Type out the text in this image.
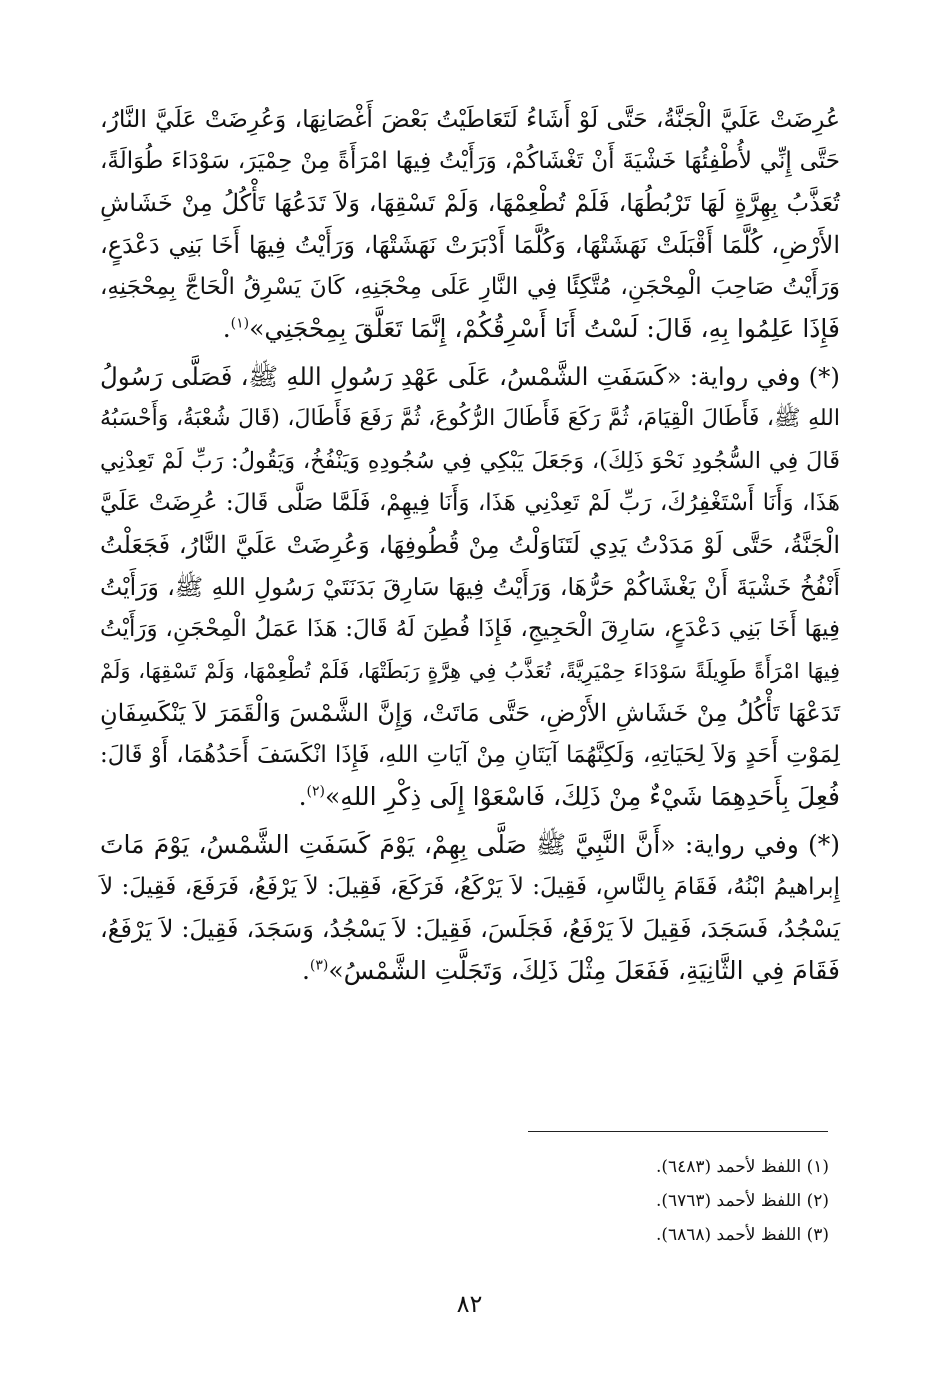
عُرِضَتْ عَلَيَّ الْجَنَّةُ، حَتَّى لَوْ أَشَاءُ لَتَعَاطَيْتُ بَعْضَ أَغْصَانِهَا، وَعُرِضَتْ عَلَيَّ النَّارُ،
حَتَّى إِنِّي لأُطْفِئُهَا خَشْيَةَ أَنْ تَغْشَاكُمْ، وَرَأَيْتُ فِيهَا امْرَأَةً مِنْ حِمْيَرَ، سَوْدَاءَ طُوَالَةً،
تُعَذَّبُ بِهِرَّةٍ لَهَا تَرْبُطُهَا، فَلَمْ تُطْعِمْهَا، وَلَمْ تَسْقِهَا، وَلاَ تَدَعُهَا تَأْكُلُ مِنْ خَشَاشِ
الأَرْضِ، كُلَّمَا أَقْبَلَتْ نَهَشَتْهَا، وَكُلَّمَا أَدْبَرَتْ نَهَشَتْهَا، وَرَأَيْتُ فِيهَا أَخَا بَنِي دَعْدَعٍ،
وَرَأَيْتُ صَاحِبَ الْمِحْجَنِ، مُتَّكِئًا فِي النَّارِ عَلَى مِحْجَنِهِ، كَانَ يَسْرِقُ الْحَاجَّ بِمِحْجَنِهِ،
فَإِذَا عَلِمُوا بِهِ، قَالَ: لَسْتُ أَنَا أَسْرِقُكُمْ، إِنَّمَا تَعَلَّقَ بِمِحْجَنِي»$^{(١)}$.
(*) وفي رواية: «كَسَفَتِ الشَّمْسُ، عَلَى عَهْدِ رَسُولِ اللهِ ﷺ، فَصَلَّى رَسُولُ
اللهِ ﷺ، فَأَطَالَ الْقِيَامَ، ثُمَّ رَكَعَ فَأَطَالَ الرُّكُوعَ، ثُمَّ رَفَعَ فَأَطَالَ، (قَالَ شُعْبَةُ، وَأَحْسَبُهُ
قَالَ فِي السُّجُودِ نَحْوَ ذَلِكَ)، وَجَعَلَ يَبْكِي فِي سُجُودِهِ وَيَنْفُخُ، وَيَقُولُ: رَبِّ لَمْ تَعِدْنِي
هَذَا، وَأَنَا أَسْتَغْفِرُكَ، رَبِّ لَمْ تَعِدْنِي هَذَا، وَأَنَا فِيهِمْ، فَلَمَّا صَلَّى قَالَ: عُرِضَتْ عَلَيَّ
الْجَنَّةُ، حَتَّى لَوْ مَدَدْتُ يَدِي لَتَنَاوَلْتُ مِنْ قُطُوفِهَا، وَعُرِضَتْ عَلَيَّ النَّارُ، فَجَعَلْتُ
أَنْفُخُ خَشْيَةَ أَنْ يَغْشَاكُمْ حَرُّهَا، وَرَأَيْتُ فِيهَا سَارِقَ بَدَنَتَيْ رَسُولِ اللهِ ﷺ، وَرَأَيْتُ
فِيهَا أَخَا بَنِي دَعْدَعٍ، سَارِقَ الْحَجِيجِ، فَإِذَا فُطِنَ لَهُ قَالَ: هَذَا عَمَلُ الْمِحْجَنِ، وَرَأَيْتُ
فِيهَا امْرَأَةً طَوِيلَةً سَوْدَاءَ حِمْيَرِيَّةً، تُعَذَّبُ فِي هِرَّةٍ رَبَطَتْهَا، فَلَمْ تُطْعِمْهَا، وَلَمْ تَسْقِهَا، وَلَمْ
تَدَعْهَا تَأْكُلُ مِنْ خَشَاشِ الأَرْضِ، حَتَّى مَاتَتْ، وَإِنَّ الشَّمْسَ وَالْقَمَرَ لاَ يَنْكَسِفَانِ
لِمَوْتِ أَحَدٍ وَلاَ لِحَيَاتِهِ، وَلَكِنَّهُمَا آيَتَانِ مِنْ آيَاتِ اللهِ، فَإِذَا انْكَسَفَ أَحَدُهُمَا، أَوْ قَالَ:
فُعِلَ بِأَحَدِهِمَا شَيْءٌ مِنْ ذَلِكَ، فَاسْعَوْا إِلَى ذِكْرِ اللهِ»$^{(٢)}$.
(*) وفي رواية: «أَنَّ النَّبِيَّ ﷺ صَلَّى بِهِمْ، يَوْمَ كَسَفَتِ الشَّمْسُ، يَوْمَ مَاتَ
إِبراهيمُ ابْنُهُ، فَقَامَ بِالنَّاسِ، فَقِيلَ: لاَ يَرْكَعُ، فَرَكَعَ، فَقِيلَ: لاَ يَرْفَعُ، فَرَفَعَ، فَقِيلَ: لاَ
يَسْجُدُ، فَسَجَدَ، فَقِيلَ لاَ يَرْفَعُ، فَجَلَسَ، فَقِيلَ: لاَ يَسْجُدُ، وَسَجَدَ، فَقِيلَ: لاَ يَرْفَعُ،
فَقَامَ فِي الثَّانِيَةِ، فَفَعَلَ مِثْلَ ذَلِكَ، وَتَجَلَّتِ الشَّمْسُ»$^{(٣)}$.
(١) اللفظ لأحمد (٦٤٨٣).
(٢) اللفظ لأحمد (٦٧٦٣).
(٣) اللفظ لأحمد (٦٨٦٨).
٨٢
